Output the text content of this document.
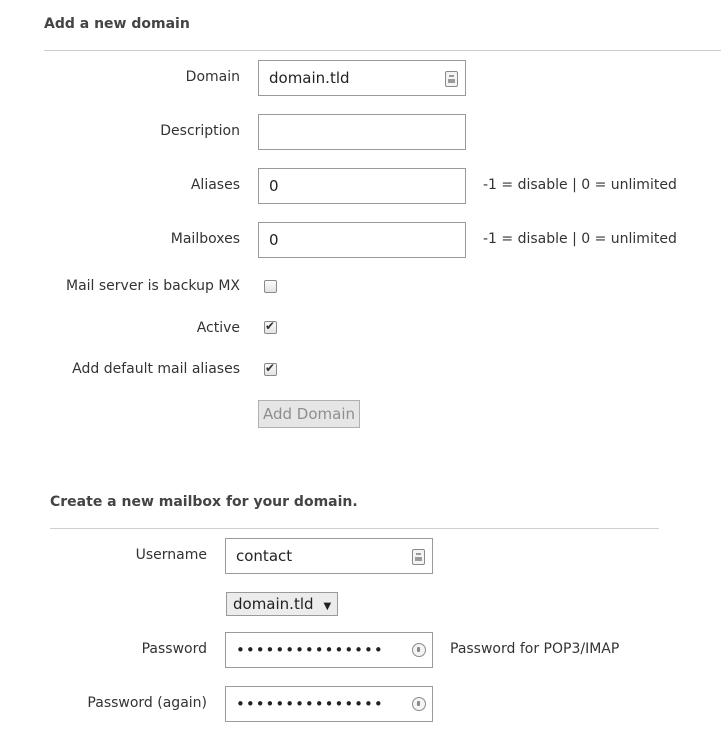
Add a new domain
Domain	domain.tld
Description
Aliases	0	-1 = disable | 0 = unlimited
Mailboxes	0	-1 = disable | 0 = unlimited
Mail server is backup MX
Active ✔
Add default mail aliases ✔
Add Domain
Create a new mailbox for your domain.
Username	contact
domain.tld ▼
Password	•••••••••••••••	Password for POP3/IMAP
Password (again)	•••••••••••••••
